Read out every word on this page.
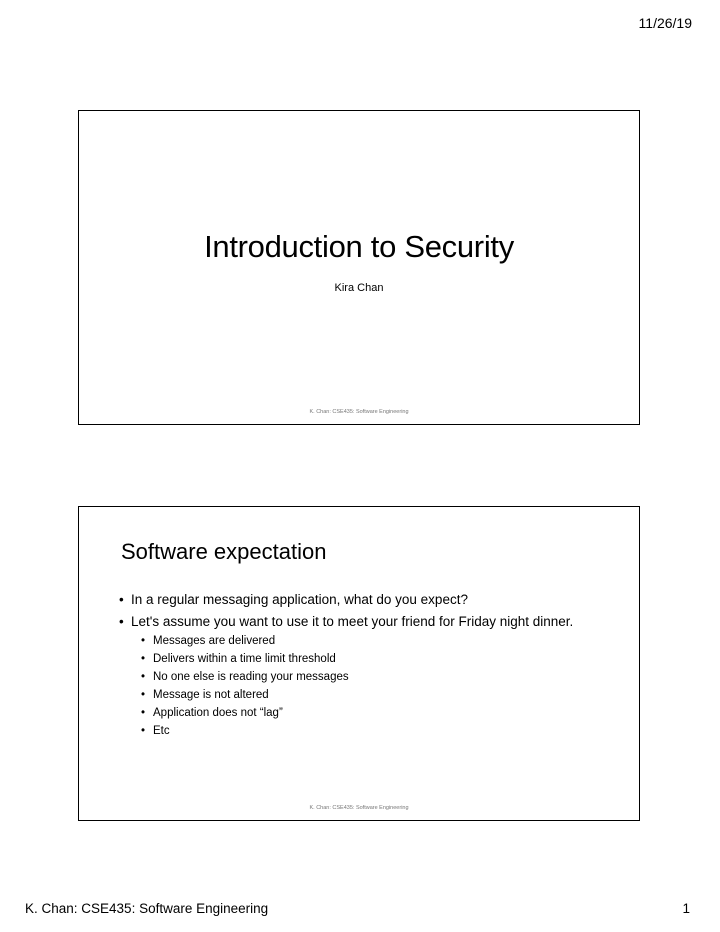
11/26/19
Introduction to Security

Kira Chan

K. Chan: CSE435: Software Engineering
Software expectation
• In a regular messaging application, what do you expect?
• Let's assume you want to use it to meet your friend for Friday night dinner.
• Messages are delivered
• Delivers within a time limit threshold
• No one else is reading your messages
• Message is not altered
• Application does not “lag”
• Etc
K. Chan: CSE435: Software Engineering
K. Chan: CSE435: Software Engineering	1
